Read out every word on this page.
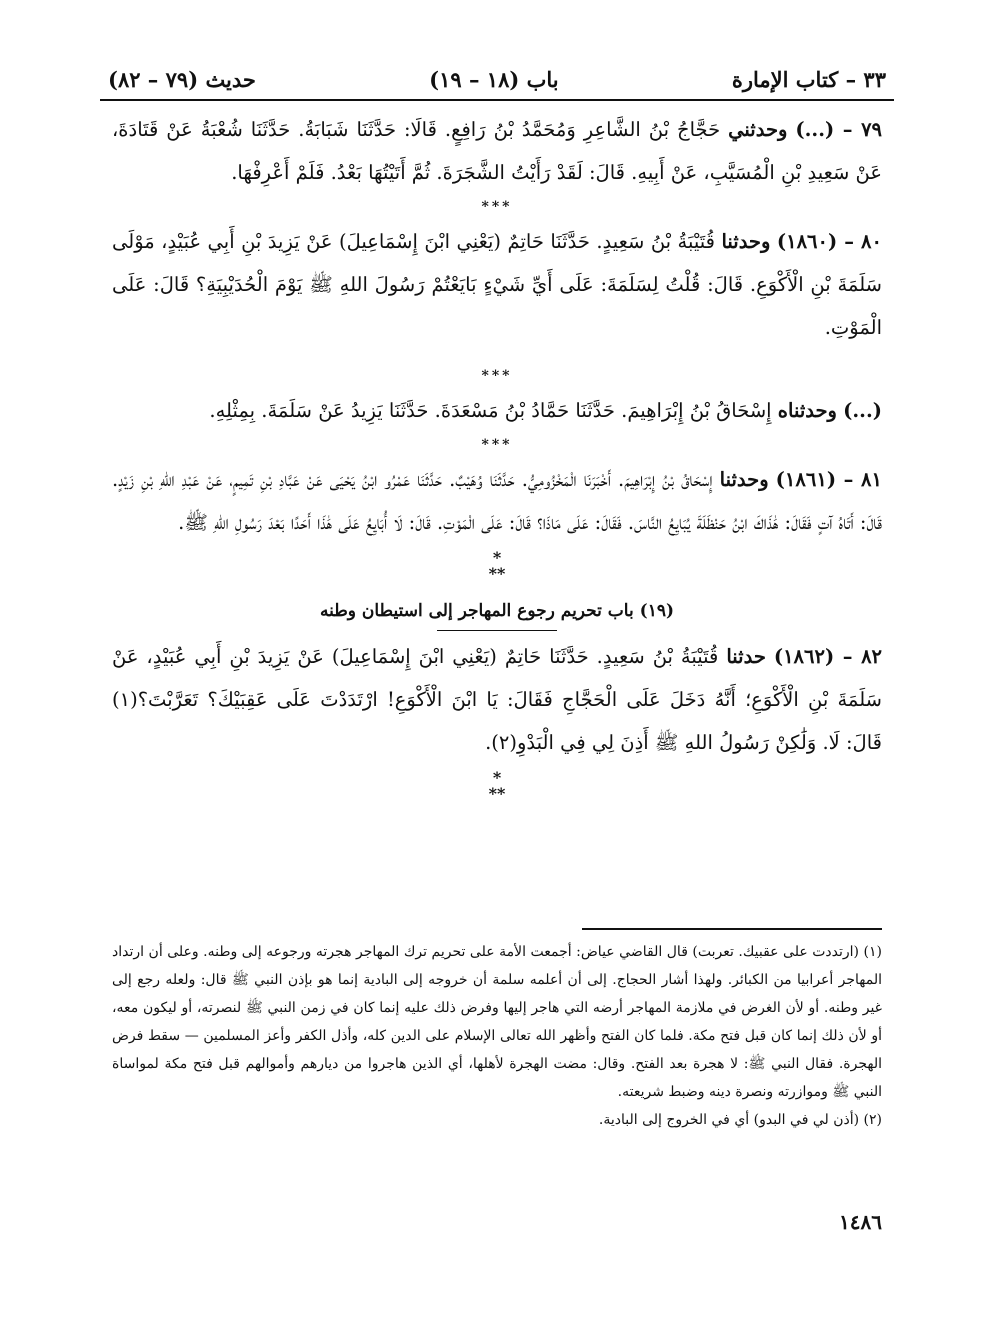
٣٣ – كتاب الإمارة
(١٨ – ١٩) باب
(٧٩ – ٨٢) حديث

٧٩ – (...) وحدثني حَجَّاجُ بْنُ الشَّاعِرِ وَمُحَمَّدُ بْنُ رَافِعٍ. قَالَا: حَدَّثَنَا شَبَابَةُ. حَدَّثَنَا شُعْبَةُ عَنْ قَتَادَةَ، عَنْ سَعِيدِ بْنِ الْمُسَيَّبِ، عَنْ أَبِيهِ. قَالَ: لَقَدْ رَأَيْتُ الشَّجَرَةَ. ثُمَّ أَتَيْتُهَا بَعْدُ. فَلَمْ أَعْرِفْهَا.

***

٨٠ – (١٨٦٠) وحدثنا قُتَيْبَةُ بْنُ سَعِيدٍ. حَدَّثَنَا حَاتِمٌ (يَعْنِي ابْنَ إِسْمَاعِيلَ) عَنْ يَزِيدَ بْنِ أَبِي عُبَيْدٍ، مَوْلَى سَلَمَةَ بْنِ الْأَكْوَعِ. قَالَ: قُلْتُ لِسَلَمَةَ: عَلَى أَيِّ شَيْءٍ بَايَعْتُمْ رَسُولَ اللهِ ﷺ يَوْمَ الْحُدَيْبِيَةِ؟ قَالَ: عَلَى الْمَوْتِ.

***

(...) وحدثناه إِسْحَاقُ بْنُ إِبْرَاهِيمَ. حَدَّثَنَا حَمَّادُ بْنُ مَسْعَدَةَ. حَدَّثَنَا يَزِيدُ عَنْ سَلَمَةَ. بِمِثْلِهِ.

***

٨١ – (١٨٦١) وحدثنا إِسْحَاقُ بْنُ إِبْرَاهِيمَ. أَخْبَرَنَا الْمَخْزُومِيُّ. حَدَّثَنَا وُهَيْبٌ. حَدَّثَنَا عَمْرُو ابْنُ يَحْيَى عَنْ عَبَّادِ بْنِ تَمِيمٍ، عَنْ عَبْدِ اللهِ بْنِ زَيْدٍ. قَالَ: أَتَاهُ آتٍ فَقَالَ: هَٰذَاكَ ابْنُ حَنْظَلَةَ يُبَايِعُ النَّاسَ. فَقَالَ: عَلَى مَاذَا؟ قَالَ: عَلَى الْمَوْتِ. قَالَ: لَا أُبَايِعُ عَلَى هَٰذَا أَحَدًا بَعْدَ رَسُولِ اللهِ ﷺ.

*
**
(١٩) باب تحريم رجوع المهاجر إلى استيطان وطنه

٨٢ – (١٨٦٢) حدثنا قُتَيْبَةُ بْنُ سَعِيدٍ. حَدَّثَنَا حَاتِمٌ (يَعْنِي ابْنَ إِسْمَاعِيلَ) عَنْ يَزِيدَ بْنِ أَبِي عُبَيْدٍ، عَنْ سَلَمَةَ بْنِ الْأَكْوَعِ؛ أَنَّهُ دَخَلَ عَلَى الْحَجَّاجِ فَقَالَ: يَا ابْنَ الْأَكْوَعِ! ارْتَدَدْتَ عَلَى عَقِبَيْكَ؟ تَعَرَّبْتَ؟(١) قَالَ: لَا. وَلَٰكِنْ رَسُولُ اللهِ ﷺ أَذِنَ لِي فِي الْبَدْوِ(٢).

*
**

(١) (ارتددت على عقبيك. تعربت) قال القاضي عياض: أجمعت الأمة على تحريم ترك المهاجر هجرته ورجوعه إلى وطنه. وعلى أن ارتداد المهاجر أعرابيا من الكبائر. ولهذا أشار الحجاج. إلى أن أعلمه سلمة أن خروجه إلى البادية إنما هو بإذن النبي ﷺ قال: ولعله رجع إلى غير وطنه. أو لأن الغرض في ملازمة المهاجر أرضه التي هاجر إليها وفرض ذلك عليه إنما كان في زمن النبي ﷺ لنصرته، أو ليكون معه، أو لأن ذلك إنما كان قبل فتح مكة. فلما كان الفتح وأظهر الله تعالى الإسلام على الدين كله، وأذل الكفر وأعز المسلمين — سقط فرض الهجرة. فقال النبي ﷺ: لا هجرة بعد الفتح. وقال: مضت الهجرة لأهلها، أي الذين هاجروا من ديارهم وأموالهم قبل فتح مكة لمواساة النبي ﷺ وموازرته ونصرة دينه وضبط شريعته.

(٢) (أذن لي في البدو) أي في الخروج إلى البادية.

١٤٨٦
